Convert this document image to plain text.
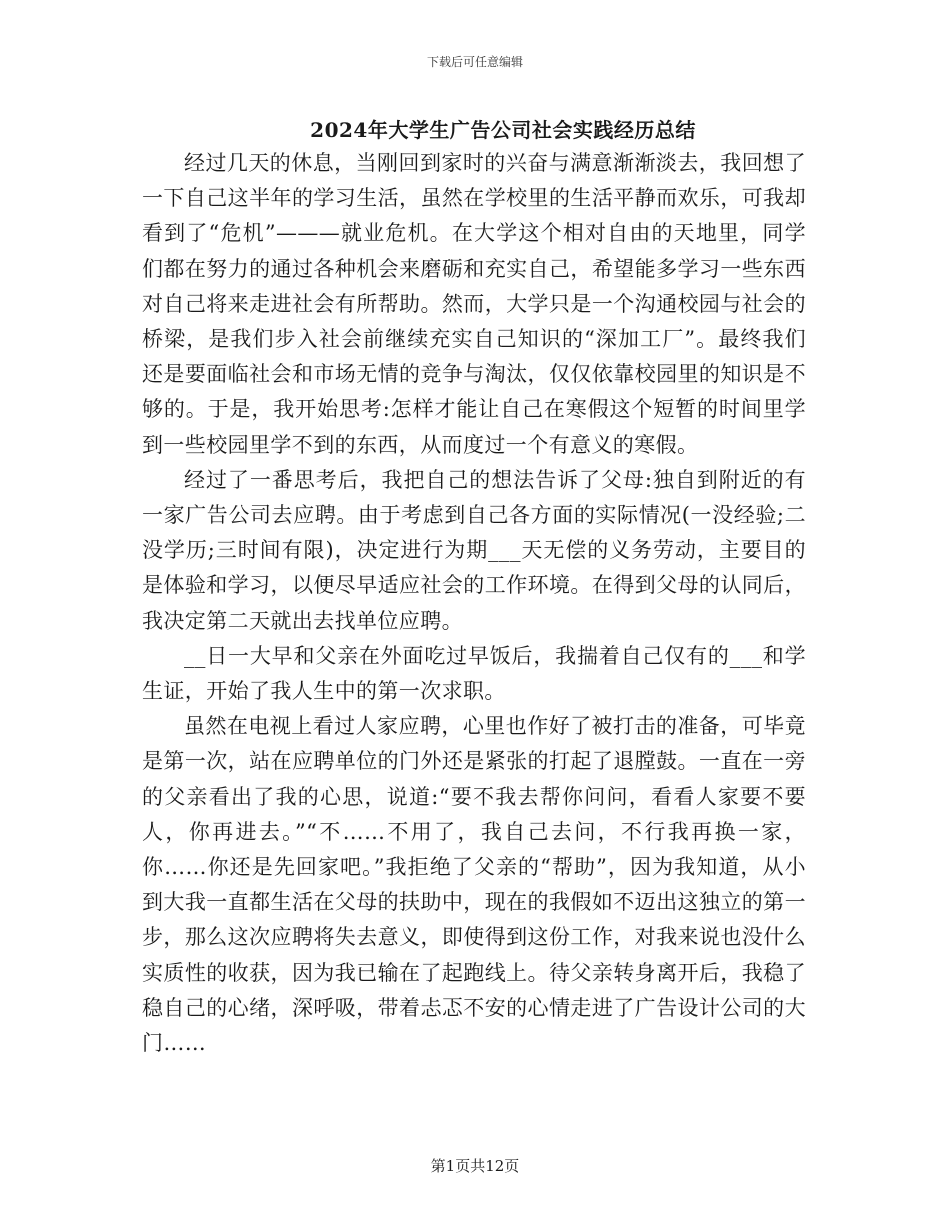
下载后可任意编辑
2024年大学生广告公司社会实践经历总结

经过几天的休息，当刚回到家时的兴奋与满意渐渐淡去，我回想了一下自己这半年的学习生活，虽然在学校里的生活平静而欢乐，可我却看到了“危机”———就业危机。在大学这个相对自由的天地里，同学们都在努力的通过各种机会来磨砺和充实自己，希望能多学习一些东西对自己将来走进社会有所帮助。然而，大学只是一个沟通校园与社会的桥梁，是我们步入社会前继续充实自己知识的“深加工厂”。最终我们还是要面临社会和市场无情的竞争与淘汰，仅仅依靠校园里的知识是不够的。于是，我开始思考:怎样才能让自己在寒假这个短暂的时间里学到一些校园里学不到的东西，从而度过一个有意义的寒假。

经过了一番思考后，我把自己的想法告诉了父母:独自到附近的有一家广告公司去应聘。由于考虑到自己各方面的实际情况(一没经验;二没学历;三时间有限)，决定进行为期___天无偿的义务劳动，主要目的是体验和学习，以便尽早适应社会的工作环境。在得到父母的认同后，我决定第二天就出去找单位应聘。

__日一大早和父亲在外面吃过早饭后，我揣着自己仅有的___和学生证，开始了我人生中的第一次求职。

虽然在电视上看过人家应聘，心里也作好了被打击的准备，可毕竟是第一次，站在应聘单位的门外还是紧张的打起了退膛鼓。一直在一旁的父亲看出了我的心思，说道:“要不我去帮你问问，看看人家要不要人，你再进去。”“不……不用了，我自己去问，不行我再换一家，你……你还是先回家吧。”我拒绝了父亲的“帮助”，因为我知道，从小到大我一直都生活在父母的扶助中，现在的我假如不迈出这独立的第一步，那么这次应聘将失去意义，即使得到这份工作，对我来说也没什么实质性的收获，因为我已输在了起跑线上。待父亲转身离开后，我稳了稳自己的心绪，深呼吸，带着忐忑不安的心情走进了广告设计公司的大门……

第1页共12页
